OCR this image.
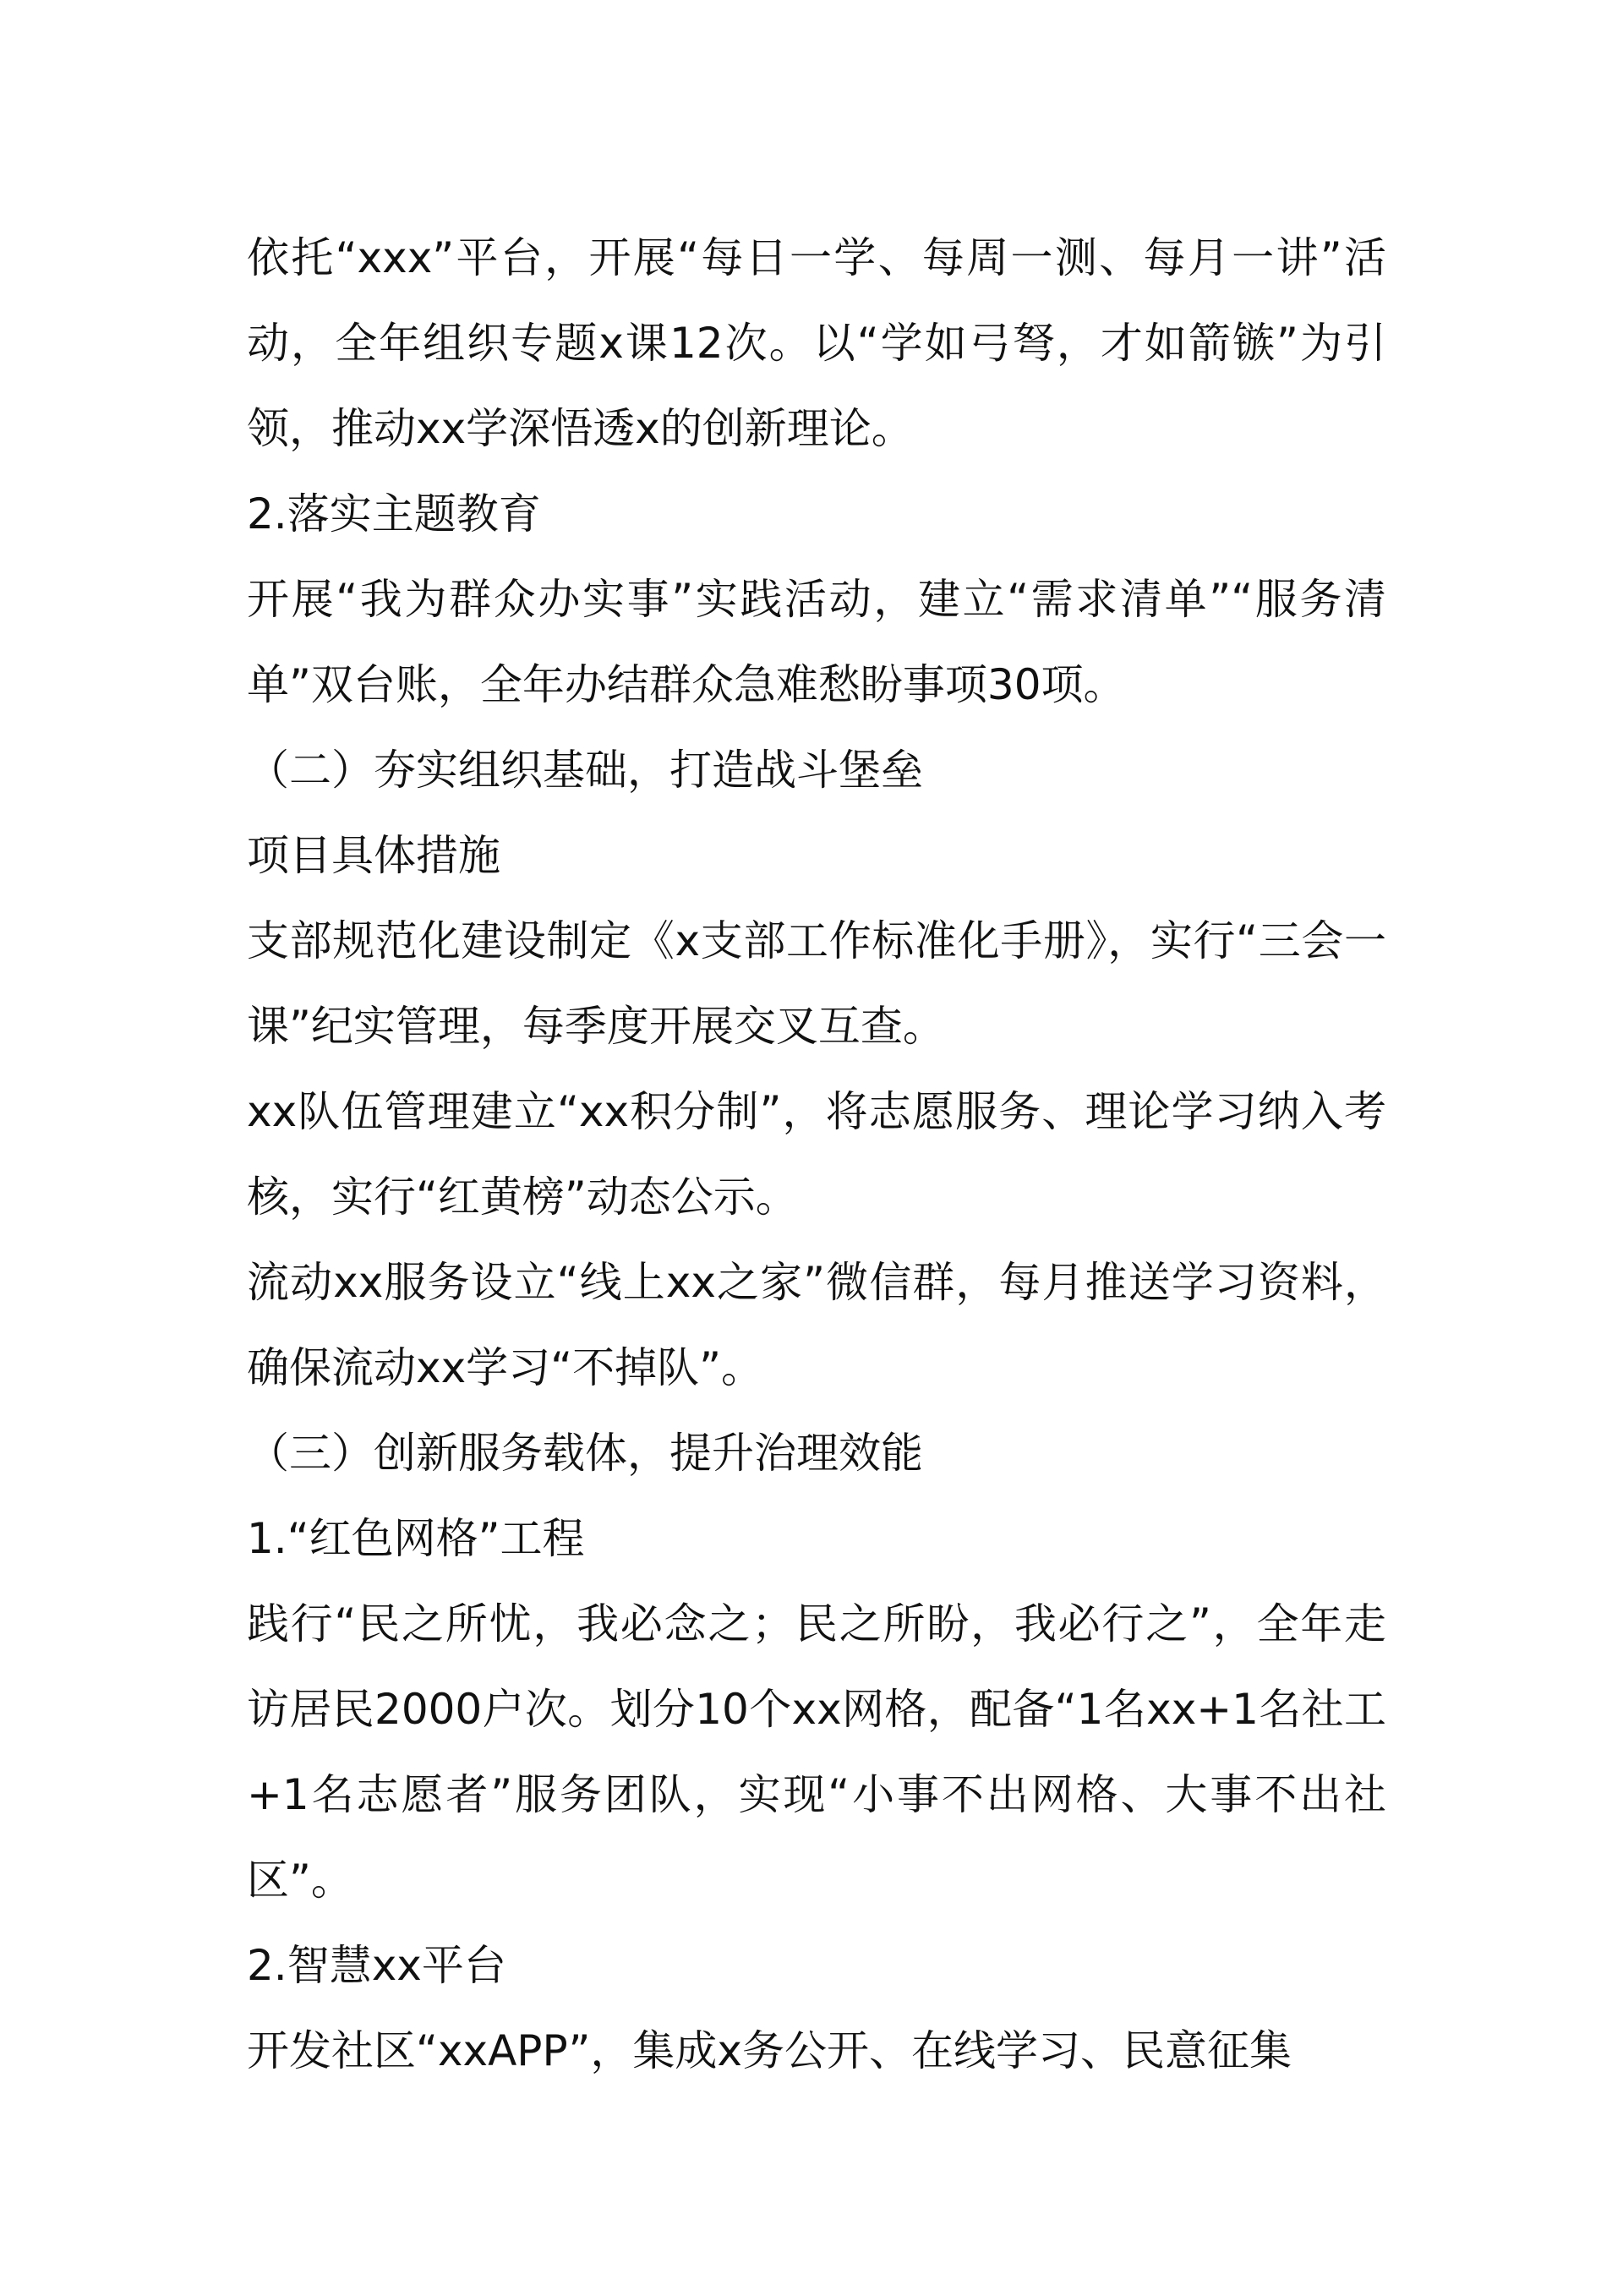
依托“xxx”平台，开展“每日一学、每周一测、每月一讲”活动，全年组织专题x课12次。以“学如弓弩，才如箭镞”为引领，推动xx学深悟透x的创新理论。

2.落实主题教育

开展“我为群众办实事”实践活动，建立“需求清单”“服务清单”双台账，全年办结群众急难愁盼事项30项。

（二）夯实组织基础，打造战斗堡垒

项目具体措施

支部规范化建设制定《x支部工作标准化手册》，实行“三会一课”纪实管理，每季度开展交叉互查。

xx队伍管理建立“xx积分制”，将志愿服务、理论学习纳入考核，实行“红黄榜”动态公示。

流动xx服务设立“线上xx之家”微信群，每月推送学习资料，确保流动xx学习“不掉队”。

（三）创新服务载体，提升治理效能

1.“红色网格”工程

践行“民之所忧，我必念之；民之所盼，我必行之”，全年走访居民2000户次。划分10个xx网格，配备“1名xx+1名社工+1名志愿者”服务团队，实现“小事不出网格、大事不出社区”。

2.智慧xx平台

开发社区“xxAPP”，集成x务公开、在线学习、民意征集
